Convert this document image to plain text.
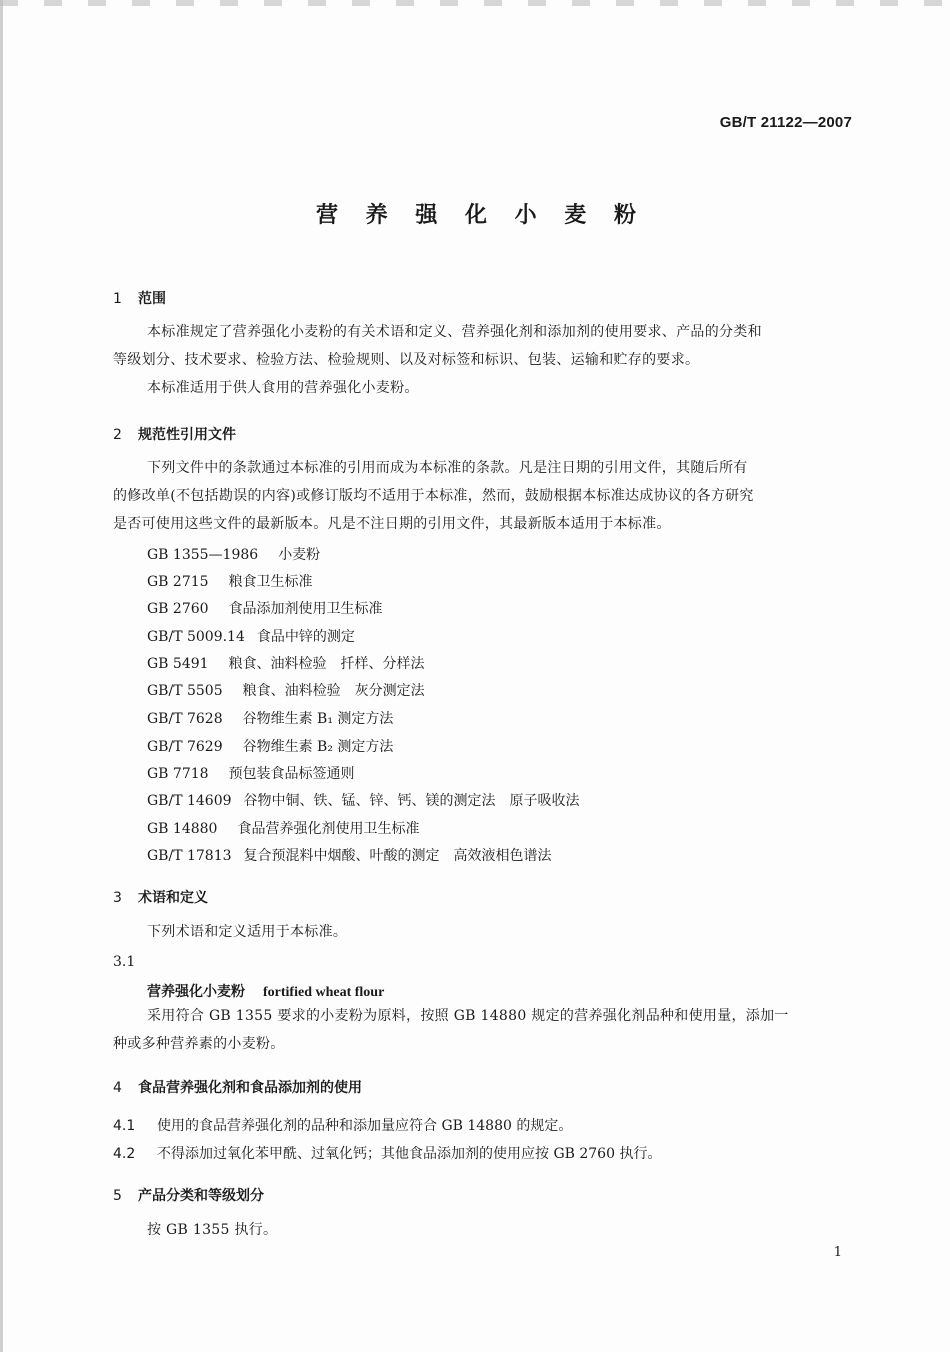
GB/T 21122—2007
营 养 强 化 小 麦 粉
1 范围
本标准规定了营养强化小麦粉的有关术语和定义、营养强化剂和添加剂的使用要求、产品的分类和
等级划分、技术要求、检验方法、检验规则、以及对标签和标识、包装、运输和贮存的要求。
本标准适用于供人食用的营养强化小麦粉。
2 规范性引用文件
下列文件中的条款通过本标准的引用而成为本标准的条款。凡是注日期的引用文件，其随后所有
的修改单(不包括勘误的内容)或修订版均不适用于本标准，然而，鼓励根据本标准达成协议的各方研究
是否可使用这些文件的最新版本。凡是不注日期的引用文件，其最新版本适用于本标准。
GB 1355—1986 小麦粉
GB 2715 粮食卫生标准
GB 2760 食品添加剂使用卫生标准
GB/T 5009.14 食品中锌的测定
GB 5491 粮食、油料检验　扦样、分样法
GB/T 5505 粮食、油料检验　灰分测定法
GB/T 7628 谷物维生素 B₁ 测定方法
GB/T 7629 谷物维生素 B₂ 测定方法
GB 7718 预包装食品标签通则
GB/T 14609 谷物中铜、铁、锰、锌、钙、镁的测定法　原子吸收法
GB 14880 食品营养强化剂使用卫生标准
GB/T 17813 复合预混料中烟酸、叶酸的测定　高效液相色谱法
3 术语和定义
下列术语和定义适用于本标准。
3.1
营养强化小麦粉 fortified wheat flour
采用符合 GB 1355 要求的小麦粉为原料，按照 GB 14880 规定的营养强化剂品种和使用量，添加一
种或多种营养素的小麦粉。
4 食品营养强化剂和食品添加剂的使用
4.1 使用的食品营养强化剂的品种和添加量应符合 GB 14880 的规定。
4.2 不得添加过氧化苯甲酰、过氧化钙；其他食品添加剂的使用应按 GB 2760 执行。
5 产品分类和等级划分
按 GB 1355 执行。
1
